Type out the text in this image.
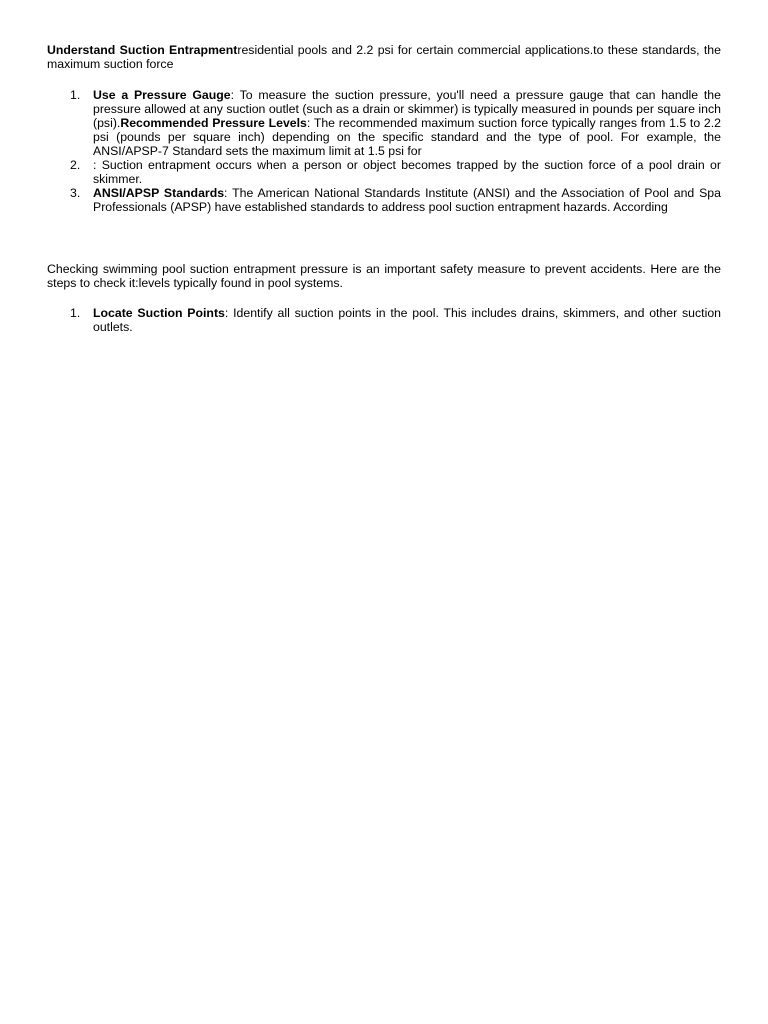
Understand Suction Entrapmentresidential pools and 2.2 psi for certain commercial applications.to these standards, the maximum suction force

1. Use a Pressure Gauge: To measure the suction pressure, you'll need a pressure gauge that can handle the pressure allowed at any suction outlet (such as a drain or skimmer) is typically measured in pounds per square inch (psi).Recommended Pressure Levels: The recommended maximum suction force typically ranges from 1.5 to 2.2 psi (pounds per square inch) depending on the specific standard and the type of pool. For example, the ANSI/APSP-7 Standard sets the maximum limit at 1.5 psi for
2. : Suction entrapment occurs when a person or object becomes trapped by the suction force of a pool drain or skimmer.
3. ANSI/APSP Standards: The American National Standards Institute (ANSI) and the Association of Pool and Spa Professionals (APSP) have established standards to address pool suction entrapment hazards. According

Checking swimming pool suction entrapment pressure is an important safety measure to prevent accidents. Here are the steps to check it:levels typically found in pool systems.

1. Locate Suction Points: Identify all suction points in the pool. This includes drains, skimmers, and other suction outlets.
